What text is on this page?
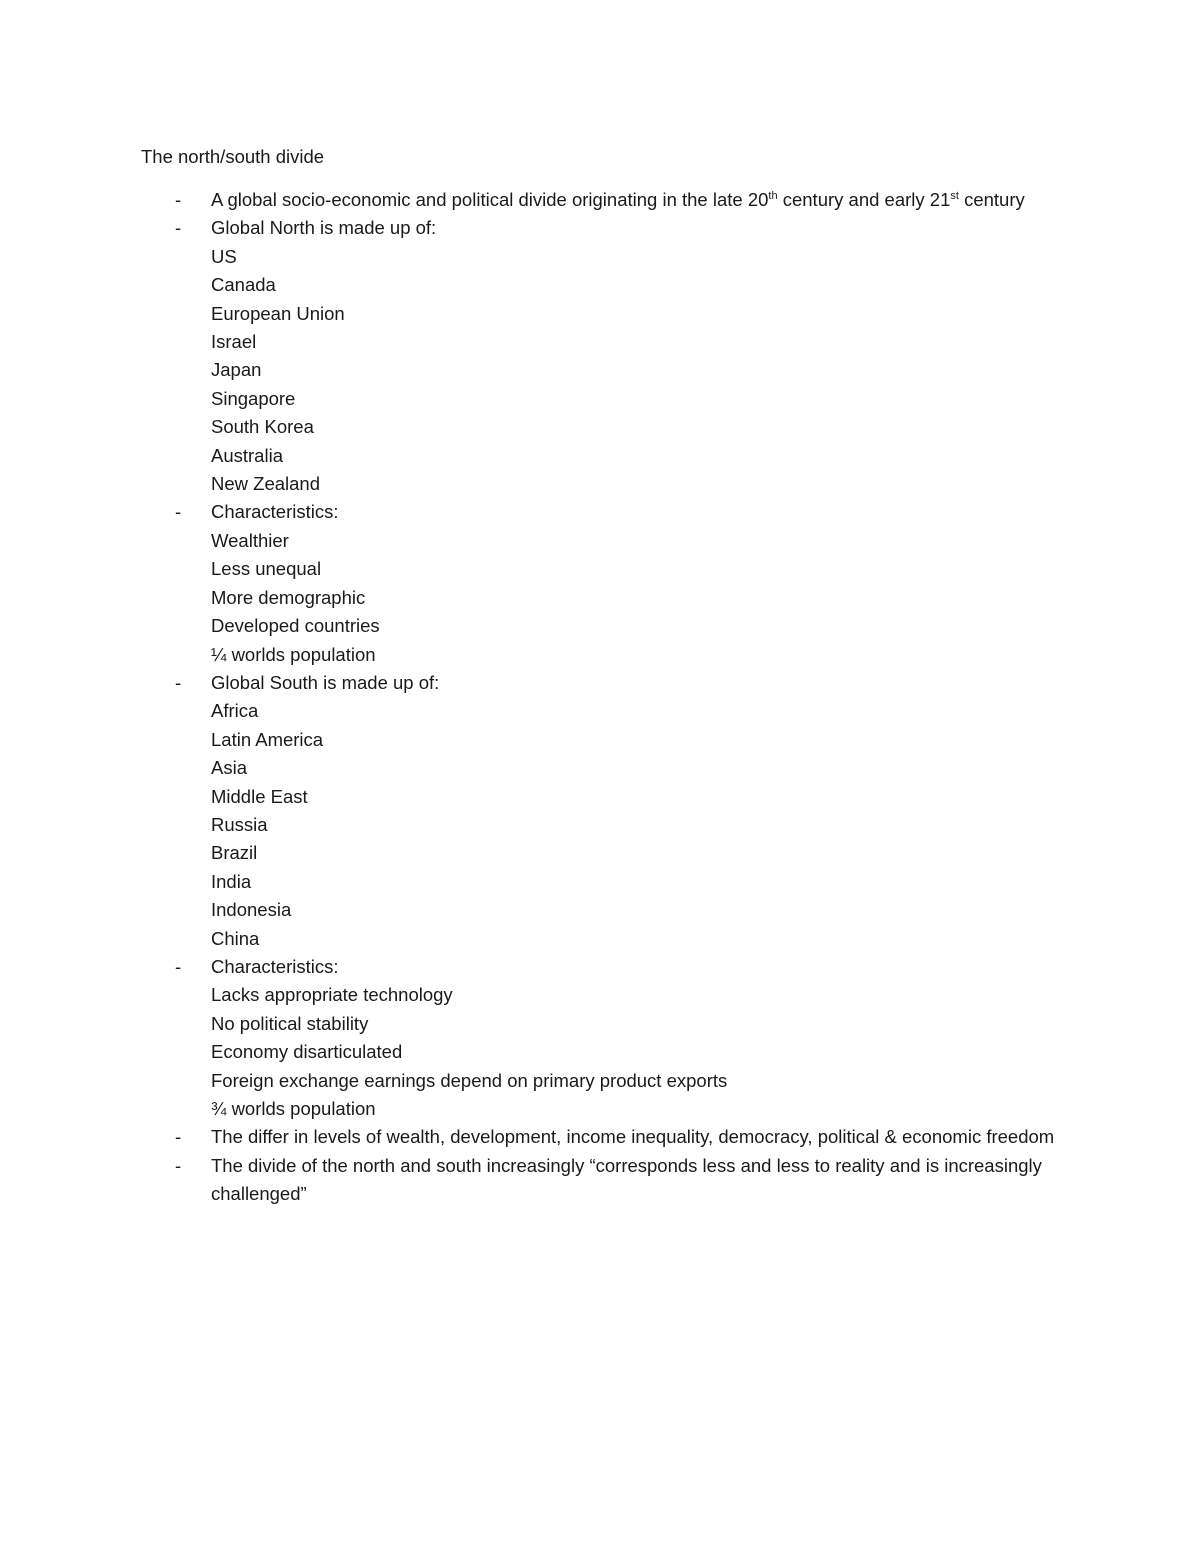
The north/south divide
- A global socio-economic and political divide originating in the late 20th century and early 21st century
- Global North is made up of:
US
Canada
European Union
Israel
Japan
Singapore
South Korea
Australia
New Zealand
- Characteristics:
Wealthier
Less unequal
More demographic
Developed countries
¼ worlds population
- Global South is made up of:
Africa
Latin America
Asia
Middle East
Russia
Brazil
India
Indonesia
China
- Characteristics:
Lacks appropriate technology
No political stability
Economy disarticulated
Foreign exchange earnings depend on primary product exports
¾ worlds population
- The differ in levels of wealth, development, income inequality, democracy, political & economic freedom
- The divide of the north and south increasingly “corresponds less and less to reality and is increasingly challenged”
